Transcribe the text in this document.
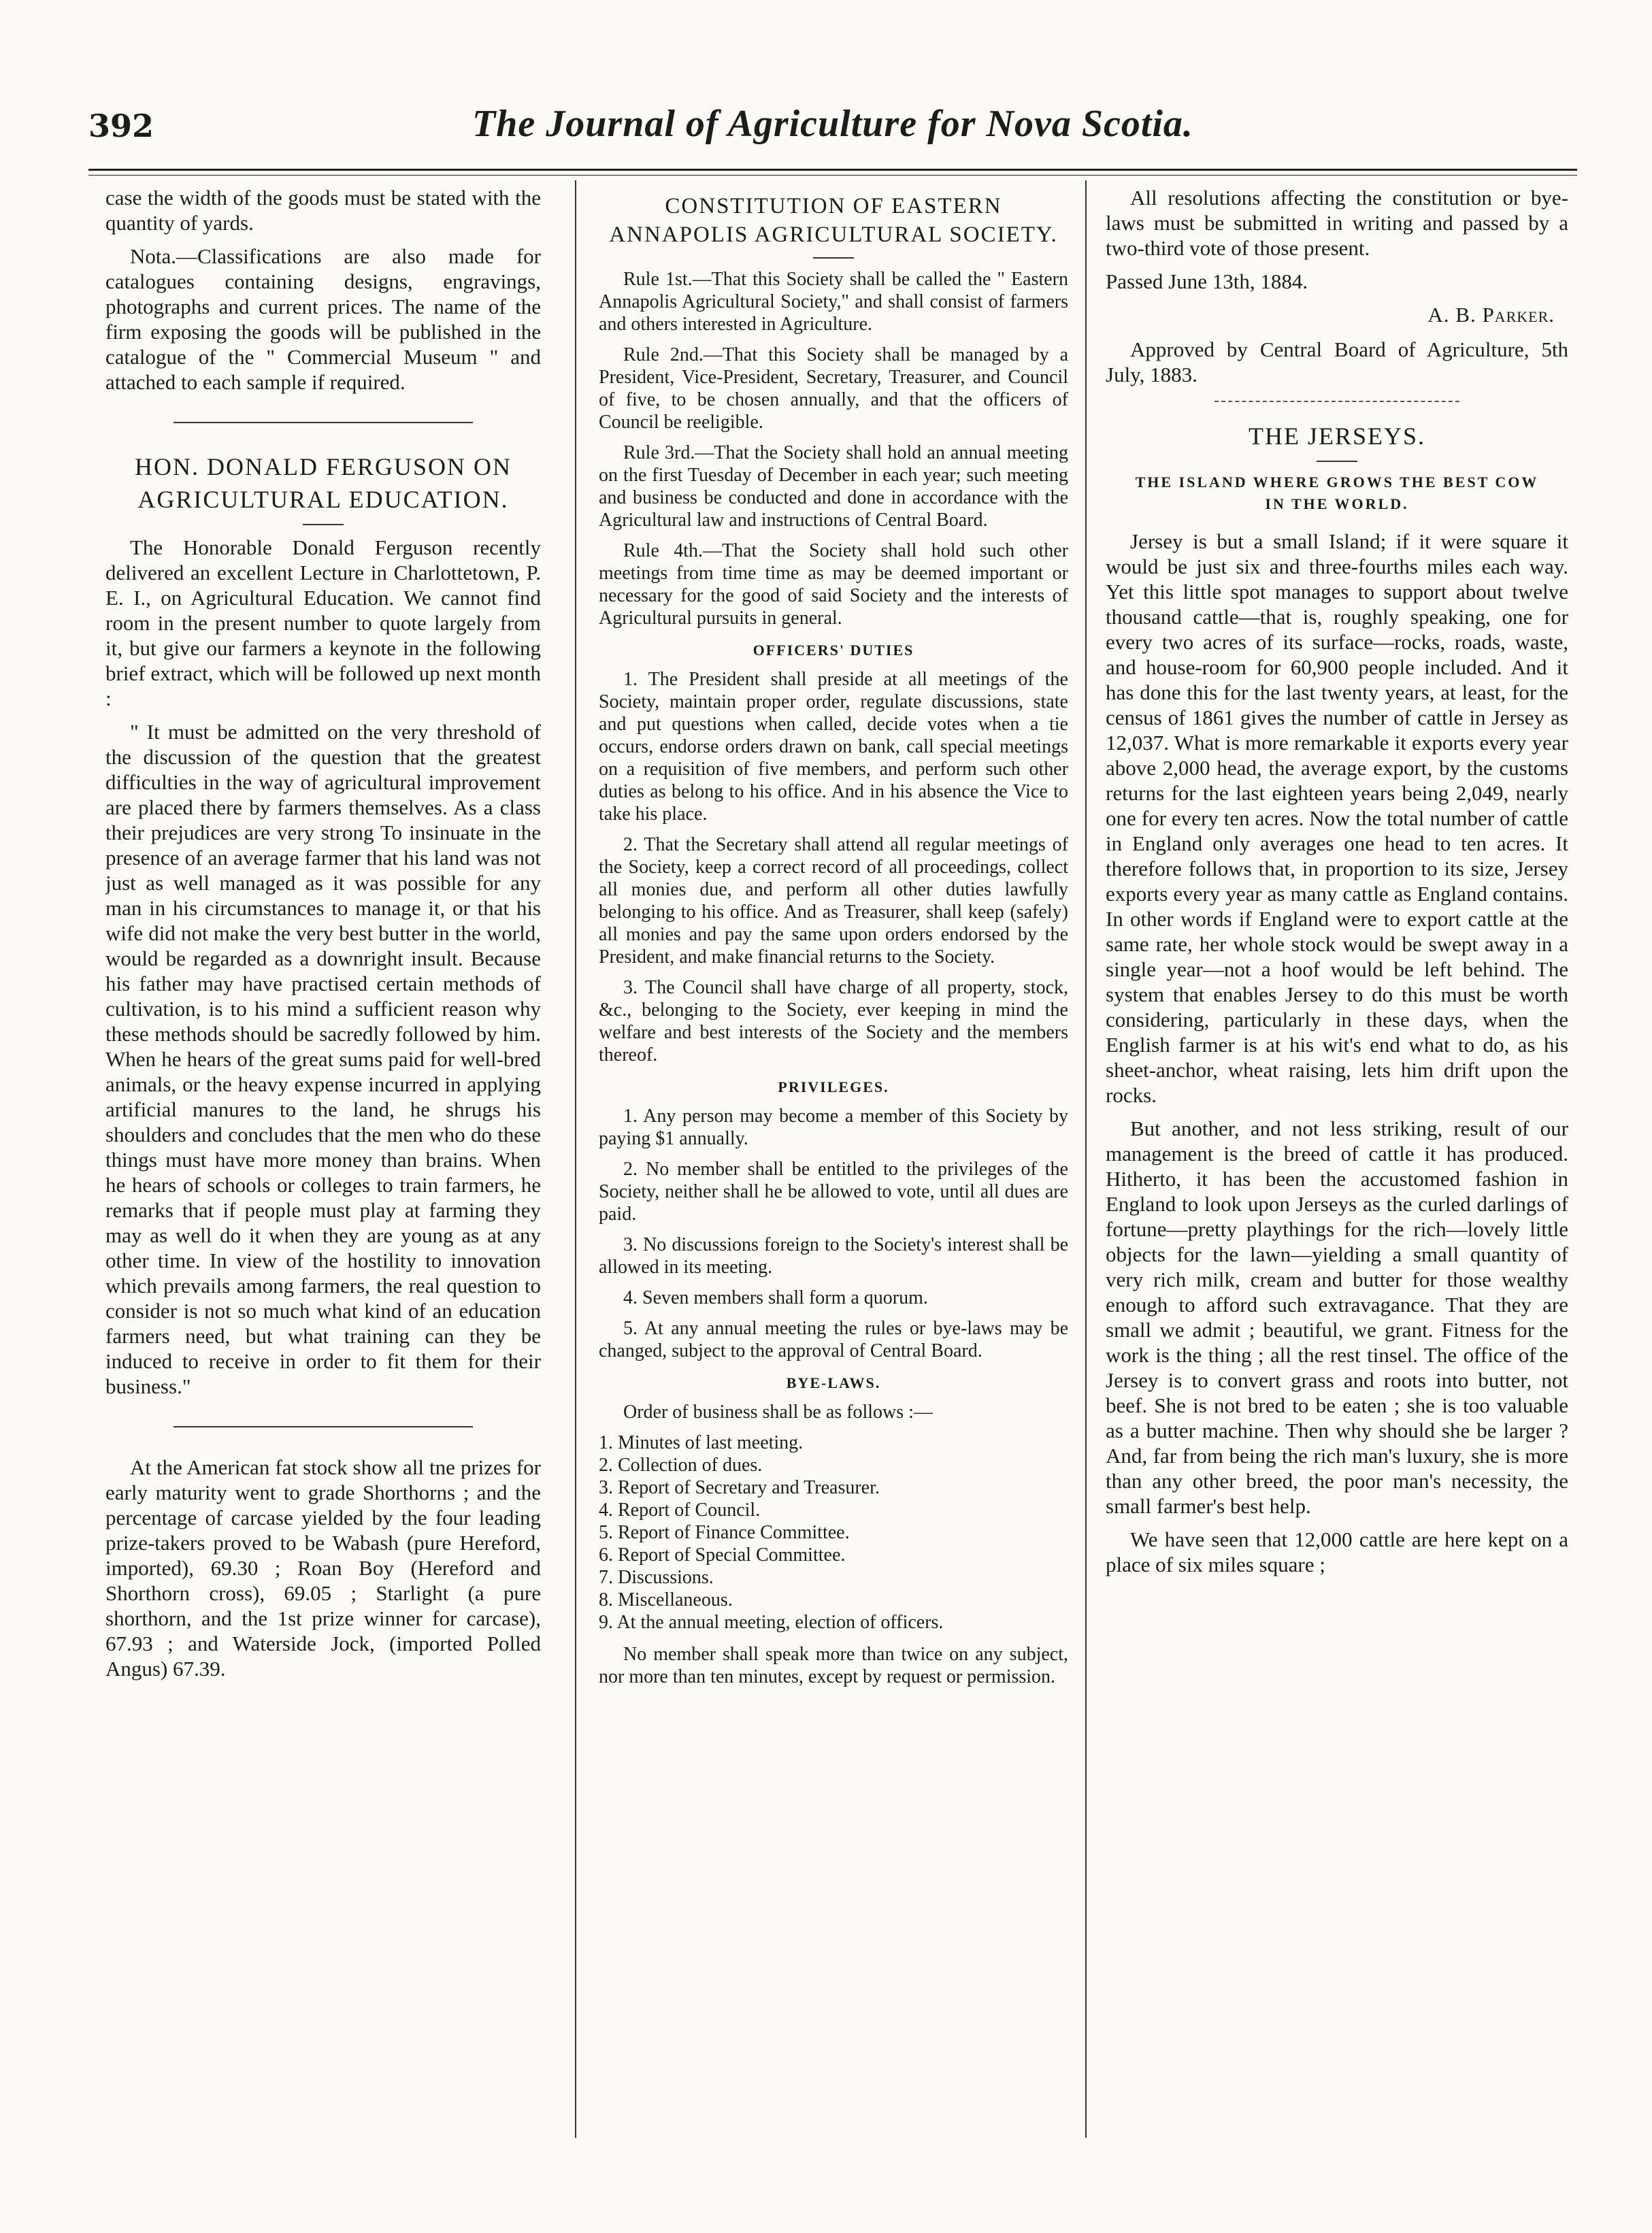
392	The Journal of Agriculture for Nova Scotia.

case the width of the goods must be stated with the quantity of yards.

Nota.—Classifications are also made for catalogues containing designs, engravings, photographs and current prices. The name of the firm exposing the goods will be published in the catalogue of the " Commercial Museum " and attached to each sample if required.

HON. DONALD FERGUSON ON AGRICULTURAL EDUCATION.

The Honorable Donald Ferguson recently delivered an excellent Lecture in Charlottetown, P. E. I., on Agricultural Education. We cannot find room in the present number to quote largely from it, but give our farmers a keynote in the following brief extract, which will be followed up next month :

" It must be admitted on the very threshold of the discussion of the question that the greatest difficulties in the way of agricultural improvement are placed there by farmers themselves. As a class their prejudices are very strong To insinuate in the presence of an average farmer that his land was not just as well managed as it was possible for any man in his circumstances to manage it, or that his wife did not make the very best butter in the world, would be regarded as a downright insult. Because his father may have practised certain methods of cultivation, is to his mind a sufficient reason why these methods should be sacredly followed by him. When he hears of the great sums paid for well-bred animals, or the heavy expense incurred in applying artificial manures to the land, he shrugs his shoulders and concludes that the men who do these things must have more money than brains. When he hears of schools or colleges to train farmers, he remarks that if people must play at farming they may as well do it when they are young as at any other time. In view of the hostility to innovation which prevails among farmers, the real question to consider is not so much what kind of an education farmers need, but what training can they be induced to receive in order to fit them for their business."

At the American fat stock show all tne prizes for early maturity went to grade Shorthorns ; and the percentage of carcase yielded by the four leading prize-takers proved to be Wabash (pure Hereford, imported), 69.30 ; Roan Boy (Hereford and Shorthorn cross), 69.05 ; Starlight (a pure shorthorn, and the 1st prize winner for carcase), 67.93 ; and Waterside Jock, (imported Polled Angus) 67.39.

CONSTITUTION OF EASTERN ANNAPOLIS AGRICULTURAL SOCIETY.

Rule 1st.—That this Society shall be called the " Eastern Annapolis Agricultural Society," and shall consist of farmers and others interested in Agriculture.

Rule 2nd.—That this Society shall be managed by a President, Vice-President, Secretary, Treasurer, and Council of five, to be chosen annually, and that the officers of Council be reeligible.

Rule 3rd.—That the Society shall hold an annual meeting on the first Tuesday of December in each year; such meeting and business be conducted and done in accordance with the Agricultural law and instructions of Central Board.

Rule 4th.—That the Society shall hold such other meetings from time time as may be deemed important or necessary for the good of said Society and the interests of Agricultural pursuits in general.

OFFICERS' DUTIES

1. The President shall preside at all meetings of the Society, maintain proper order, regulate discussions, state and put questions when called, decide votes when a tie occurs, endorse orders drawn on bank, call special meetings on a requisition of five members, and perform such other duties as belong to his office. And in his absence the Vice to take his place.

2. That the Secretary shall attend all regular meetings of the Society, keep a correct record of all proceedings, collect all monies due, and perform all other duties lawfully belonging to his office. And as Treasurer, shall keep (safely) all monies and pay the same upon orders endorsed by the President, and make financial returns to the Society.

3. The Council shall have charge of all property, stock, &c., belonging to the Society, ever keeping in mind the welfare and best interests of the Society and the members thereof.

PRIVILEGES.

1. Any person may become a member of this Society by paying $1 annually.

2. No member shall be entitled to the privileges of the Society, neither shall he be allowed to vote, until all dues are paid.

3. No discussions foreign to the Society's interest shall be allowed in its meeting.

4. Seven members shall form a quorum.

5. At any annual meeting the rules or bye-laws may be changed, subject to the approval of Central Board.

BYE-LAWS.

Order of business shall be as follows :—

1. Minutes of last meeting.
2. Collection of dues.
3. Report of Secretary and Treasurer.
4. Report of Council.
5. Report of Finance Committee.
6. Report of Special Committee.
7. Discussions.
8. Miscellaneous.
9. At the annual meeting, election of officers.

No member shall speak more than twice on any subject, nor more than ten minutes, except by request or permission.

All resolutions affecting the constitution or bye-laws must be submitted in writing and passed by a two-third vote of those present.

Passed June 13th, 1884.

A. B. Parker.

Approved by Central Board of Agriculture, 5th July, 1883.

THE JERSEYS.
THE ISLAND WHERE GROWS THE BEST COW IN THE WORLD.

Jersey is but a small Island; if it were square it would be just six and three-fourths miles each way. Yet this little spot manages to support about twelve thousand cattle—that is, roughly speaking, one for every two acres of its surface—rocks, roads, waste, and house-room for 60,900 people included. And it has done this for the last twenty years, at least, for the census of 1861 gives the number of cattle in Jersey as 12,037. What is more remarkable it exports every year above 2,000 head, the average export, by the customs returns for the last eighteen years being 2,049, nearly one for every ten acres. Now the total number of cattle in England only averages one head to ten acres. It therefore follows that, in proportion to its size, Jersey exports every year as many cattle as England contains. In other words if England were to export cattle at the same rate, her whole stock would be swept away in a single year—not a hoof would be left behind. The system that enables Jersey to do this must be worth considering, particularly in these days, when the English farmer is at his wit's end what to do, as his sheet-anchor, wheat raising, lets him drift upon the rocks.

But another, and not less striking, result of our management is the breed of cattle it has produced. Hitherto, it has been the accustomed fashion in England to look upon Jerseys as the curled darlings of fortune—pretty playthings for the rich—lovely little objects for the lawn—yielding a small quantity of very rich milk, cream and butter for those wealthy enough to afford such extravagance. That they are small we admit ; beautiful, we grant. Fitness for the work is the thing ; all the rest tinsel. The office of the Jersey is to convert grass and roots into butter, not beef. She is not bred to be eaten ; she is too valuable as a butter machine. Then why should she be larger ? And, far from being the rich man's luxury, she is more than any other breed, the poor man's necessity, the small farmer's best help.

We have seen that 12,000 cattle are here kept on a place of six miles square ;
